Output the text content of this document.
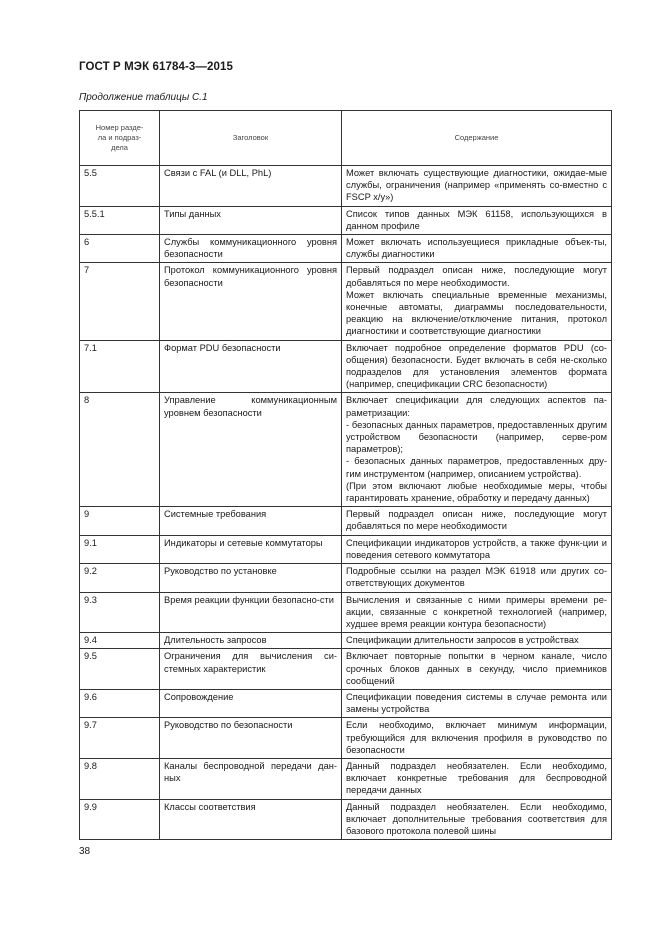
ГОСТ Р МЭК 61784-3—2015
Продолжение таблицы С.1
Номер разде-
ла и подраз-
дела	Заголовок	Содержание
5.5	Связи с FAL (и DLL, PhL)	Может включать существующие диагностики, ожидае-мые службы, ограничения (например «применять со-вместно с FSCP x/y»)
5.5.1	Типы данных	Список типов данных МЭК 61158, использующихся в данном профиле
6	Службы коммуникационного уровня безопасности	Может включать используещиеся прикладные объек-ты, службы диагностики
7	Протокол коммуникационного уровня безопасности	Первый подраздел описан ниже, последующие могут добавляться по мере необходимости.
Может включать специальные временные механизмы, конечные автоматы, диаграммы последовательности, реакцию на включение/отключение питания, протокол диагностики и соответствующие диагностики
7.1	Формат PDU безопасности	Включает подробное определение форматов PDU (со-общения) безопасности. Будет включать в себя не-сколько подразделов для установления элементов формата (например, спецификации CRC безопасности)
8	Управление коммуникационным уровнем безопасности	Включает спецификации для следующих аспектов па-раметризации:
- безопасных данных параметров, предоставленных другим устройством безопасности (например, серве-ром параметров);
- безопасных данных параметров, предоставленных дру-гим инструментом (например, описанием устройства).
(При этом включают любые необходимые меры, чтобы гарантировать хранение, обработку и передачу данных)
9	Системные требования	Первый подраздел описан ниже, последующие могут добавляться по мере необходимости
9.1	Индикаторы и сетевые коммутаторы	Спецификации индикаторов устройств, а также функ-ции и поведения сетевого коммутатора
9.2	Руководство по установке	Подробные ссылки на раздел МЭК 61918 или других со-ответствующих документов
9.3	Время реакции функции безопасно-сти	Вычисления и связанные с ними примеры времени ре-акции, связанные с конкретной технологией (например, худшее время реакции контура безопасности)
9.4	Длительность запросов	Спецификации длительности запросов в устройствах
9.5	Ограничения для вычисления си-стемных характеристик	Включает повторные попытки в черном канале, число срочных блоков данных в секунду, число приемников сообщений
9.6	Сопровождение	Спецификации поведения системы в случае ремонта или замены устройства
9.7	Руководство по безопасности	Если необходимо, включает минимум информации, требующийся для включения профиля в руководство по безопасности
9.8	Каналы беспроводной передачи дан-ных	Данный подраздел необязателен. Если необходимо, включает конкретные требования для беспроводной передачи данных
9.9	Классы соответствия	Данный подраздел необязателен. Если необходимо, включает дополнительные требования соответствия для базового протокола полевой шины
38
